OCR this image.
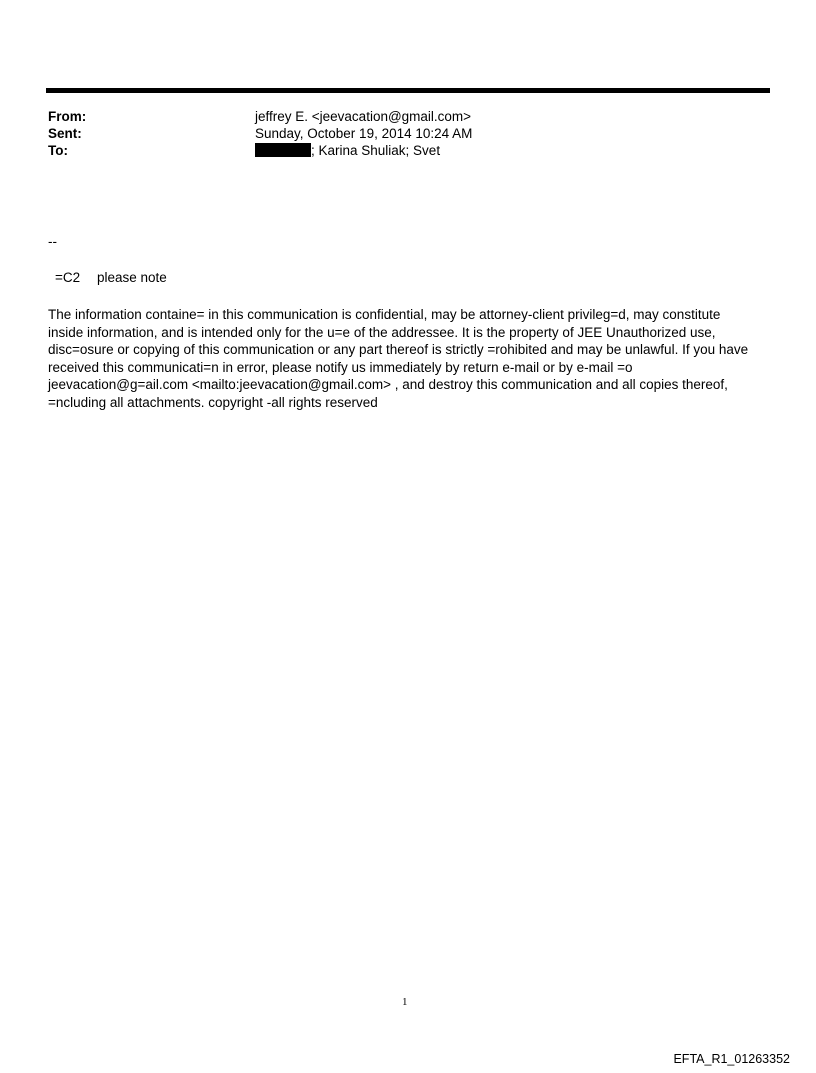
From:	jeffrey E. <jeevacation@gmail.com>
Sent:	Sunday, October 19, 2014 10:24 AM
To:	; Karina Shuliak; Svet
--
=C2 please note
The information containe= in this communication is confidential, may be attorney-client privileg=d, may constitute
inside information, and is intended only for the u=e of the addressee. It is the property of JEE Unauthorized use,
disc=osure or copying of this communication or any part thereof is strictly =rohibited and may be unlawful. If you have
received this communicati=n in error, please notify us immediately by return e-mail or by e-mail =o
jeevacation@g=ail.com <mailto:jeevacation@gmail.com> , and destroy this communication and all copies thereof,
=ncluding all attachments. copyright -all rights reserved
1
EFTA_R1_01263352
